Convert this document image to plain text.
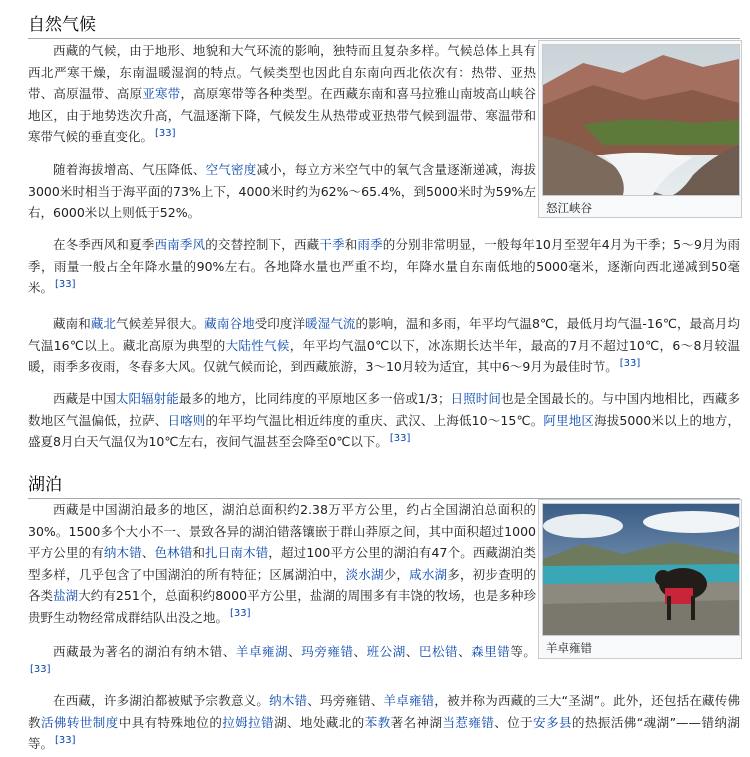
自然气候
怒江峡谷

西藏的气候，由于地形、地貌和大气环流的影响，独特而且复杂多样。气候总体上具有西北严寒干燥，东南温暖湿润的特点。气候类型也因此自东南向西北依次有：热带、亚热带、高原温带、高原亚寒带，高原寒带等各种类型。在西藏东南和喜马拉雅山南坡高山峡谷地区，由于地势迭次升高，气温逐渐下降，气候发生从热带或亚热带气候到温带、寒温带和寒带气候的垂直变化。 [33]

随着海拔增高、气压降低、空气密度减小，每立方米空气中的氧气含量逐渐递减，海拔3000米时相当于海平面的73%上下，4000米时约为62%～65.4%，到5000米时为59%左右，6000米以上则低于52%。

在冬季西风和夏季西南季风的交替控制下，西藏干季和雨季的分别非常明显，一般每年10月至翌年4月为干季；5～9月为雨季，雨量一般占全年降水量的90%左右。各地降水量也严重不均，年降水量自东南低地的5000毫米，逐渐向西北递减到50毫米。 [33]

藏南和藏北气候差异很大。藏南谷地受印度洋暖湿气流的影响，温和多雨，年平均气温8℃，最低月均气温-16℃，最高月均气温16℃以上。藏北高原为典型的大陆性气候，年平均气温0℃以下，冰冻期长达半年，最高的7月不超过10℃，6～8月较温暖，雨季多夜雨，冬春多大风。仅就气候而论，到西藏旅游，3～10月较为适宜，其中6～9月为最佳时节。 [33]

西藏是中国太阳辐射能最多的地方，比同纬度的平原地区多一倍或1/3；日照时间也是全国最长的。与中国内地相比，西藏多数地区气温偏低，拉萨、日喀则的年平均气温比相近纬度的重庆、武汉、上海低10～15℃。阿里地区海拔5000米以上的地方，盛夏8月白天气温仅为10℃左右，夜间气温甚至会降至0℃以下。 [33]

湖泊
羊卓雍错

西藏是中国湖泊最多的地区，湖泊总面积约2.38万平方公里，约占全国湖泊总面积的30%。1500多个大小不一、景致各异的湖泊错落镶嵌于群山莽原之间，其中面积超过1000平方公里的有纳木错、色林错和扎日南木错，超过100平方公里的湖泊有47个。西藏湖泊类型多样，几乎包含了中国湖泊的所有特征；区属湖泊中，淡水湖少，咸水湖多，初步查明的各类盐湖大约有251个，总面积约8000平方公里，盐湖的周围多有丰饶的牧场，也是多种珍贵野生动物经常成群结队出没之地。 [33]

西藏最为著名的湖泊有纳木错、羊卓雍湖、玛旁雍错、班公湖、巴松错、森里错等。[33]

在西藏，许多湖泊都被赋予宗教意义。纳木错、玛旁雍错、羊卓雍错，被并称为西藏的三大“圣湖”。此外，还包括在藏传佛教活佛转世制度中具有特殊地位的拉姆拉错湖、地处藏北的苯教著名神湖当惹雍错、位于安多县的热振活佛“魂湖”——错纳湖等。 [33]
